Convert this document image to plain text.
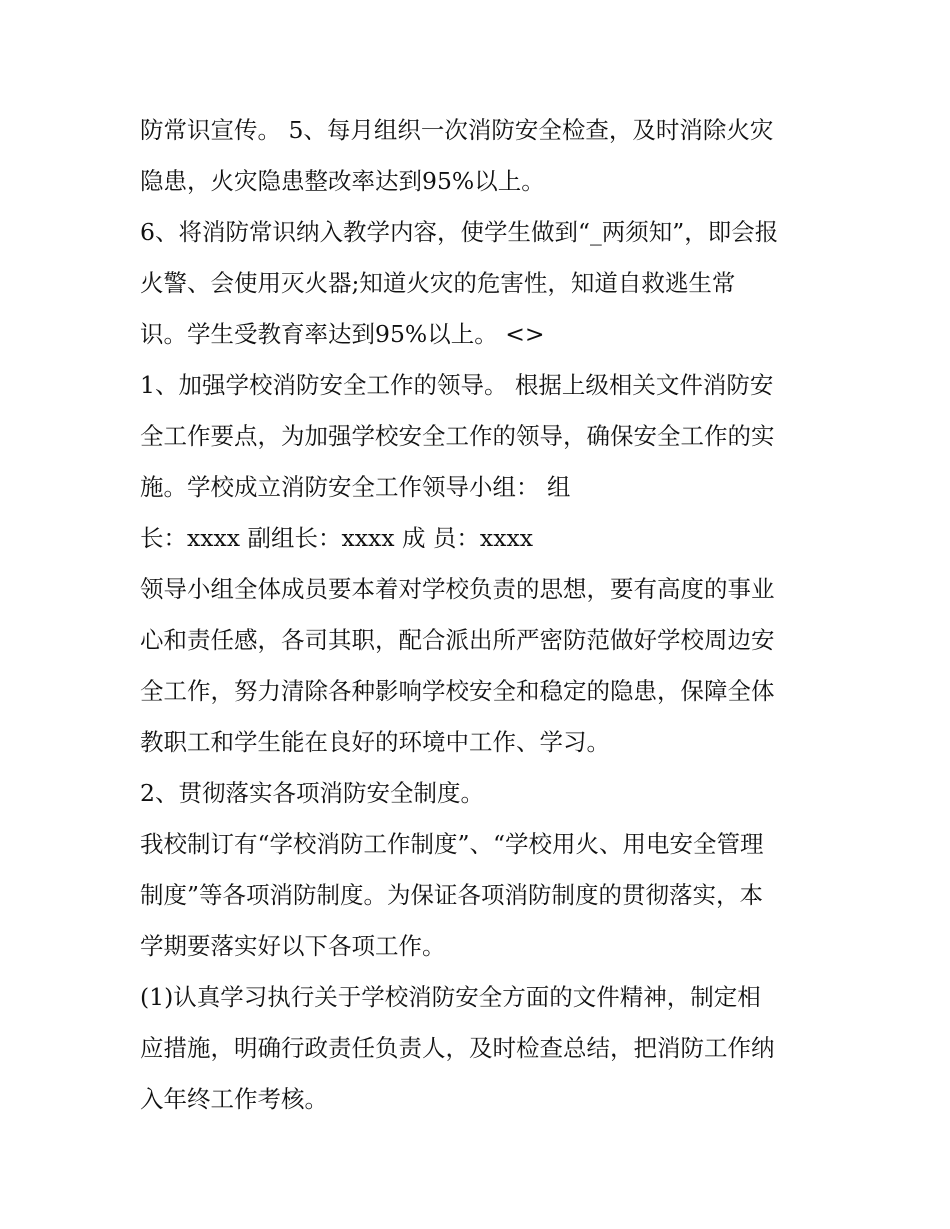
防常识宣传。 5、每月组织一次消防安全检查，及时消除火灾
隐患，火灾隐患整改率达到95%以上。
6、将消防常识纳入教学内容，使学生做到“_两须知”，即会报
火警、会使用灭火器;知道火灾的危害性，知道自救逃生常
识。学生受教育率达到95%以上。 <>
1、加强学校消防安全工作的领导。 根据上级相关文件消防安
全工作要点，为加强学校安全工作的领导，确保安全工作的实
施。学校成立消防安全工作领导小组： 组
长：xxxx 副组长：xxxx 成 员：xxxx
领导小组全体成员要本着对学校负责的思想，要有高度的事业
心和责任感，各司其职，配合派出所严密防范做好学校周边安
全工作，努力清除各种影响学校安全和稳定的隐患，保障全体
教职工和学生能在良好的环境中工作、学习。
2、贯彻落实各项消防安全制度。
我校制订有“学校消防工作制度”、“学校用火、用电安全管理
制度”等各项消防制度。为保证各项消防制度的贯彻落实，本
学期要落实好以下各项工作。
(1)认真学习执行关于学校消防安全方面的文件精神，制定相
应措施，明确行政责任负责人，及时检查总结，把消防工作纳
入年终工作考核。
